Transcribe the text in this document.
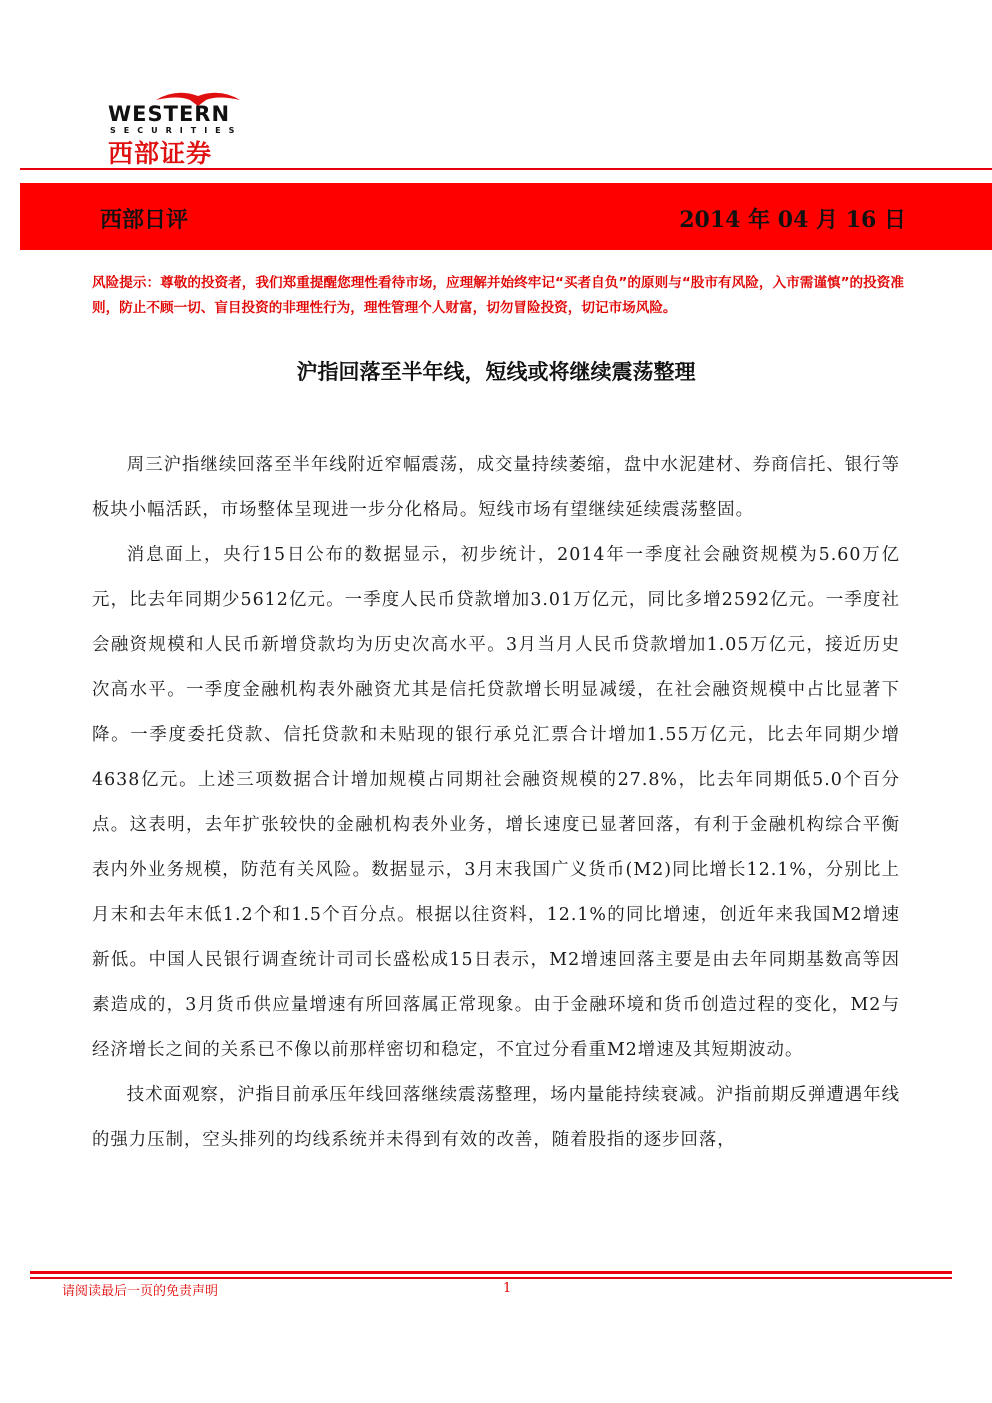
WESTERN
SECURITIES
西部证券
西部日评	2014 年 04 月 16 日
风险提示：尊敬的投资者，我们郑重提醒您理性看待市场，应理解并始终牢记“买者自负”的原则与“股市有风险，入市需谨慎”的投资准则，防止不顾一切、盲目投资的非理性行为，理性管理个人财富，切勿冒险投资，切记市场风险。
沪指回落至半年线，短线或将继续震荡整理

周三沪指继续回落至半年线附近窄幅震荡，成交量持续萎缩，盘中水泥建材、券商信托、银行等板块小幅活跃，市场整体呈现进一步分化格局。短线市场有望继续延续震荡整固。

消息面上，央行15日公布的数据显示，初步统计，2014年一季度社会融资规模为5.60万亿元，比去年同期少5612亿元。一季度人民币贷款增加3.01万亿元，同比多增2592亿元。一季度社会融资规模和人民币新增贷款均为历史次高水平。3月当月人民币贷款增加1.05万亿元，接近历史次高水平。一季度金融机构表外融资尤其是信托贷款增长明显减缓，在社会融资规模中占比显著下降。一季度委托贷款、信托贷款和未贴现的银行承兑汇票合计增加1.55万亿元，比去年同期少增4638亿元。上述三项数据合计增加规模占同期社会融资规模的27.8%，比去年同期低5.0个百分点。这表明，去年扩张较快的金融机构表外业务，增长速度已显著回落，有利于金融机构综合平衡表内外业务规模，防范有关风险。数据显示，3月末我国广义货币(M2)同比增长12.1%，分别比上月末和去年末低1.2个和1.5个百分点。根据以往资料，12.1%的同比增速，创近年来我国M2增速新低。中国人民银行调查统计司司长盛松成15日表示，M2增速回落主要是由去年同期基数高等因素造成的，3月货币供应量增速有所回落属正常现象。由于金融环境和货币创造过程的变化，M2与经济增长之间的关系已不像以前那样密切和稳定，不宜过分看重M2增速及其短期波动。

技术面观察，沪指目前承压年线回落继续震荡整理，场内量能持续衰减。沪指前期反弹遭遇年线的强力压制，空头排列的均线系统并未得到有效的改善，随着股指的逐步回落，

请阅读最后一页的免责声明	1
